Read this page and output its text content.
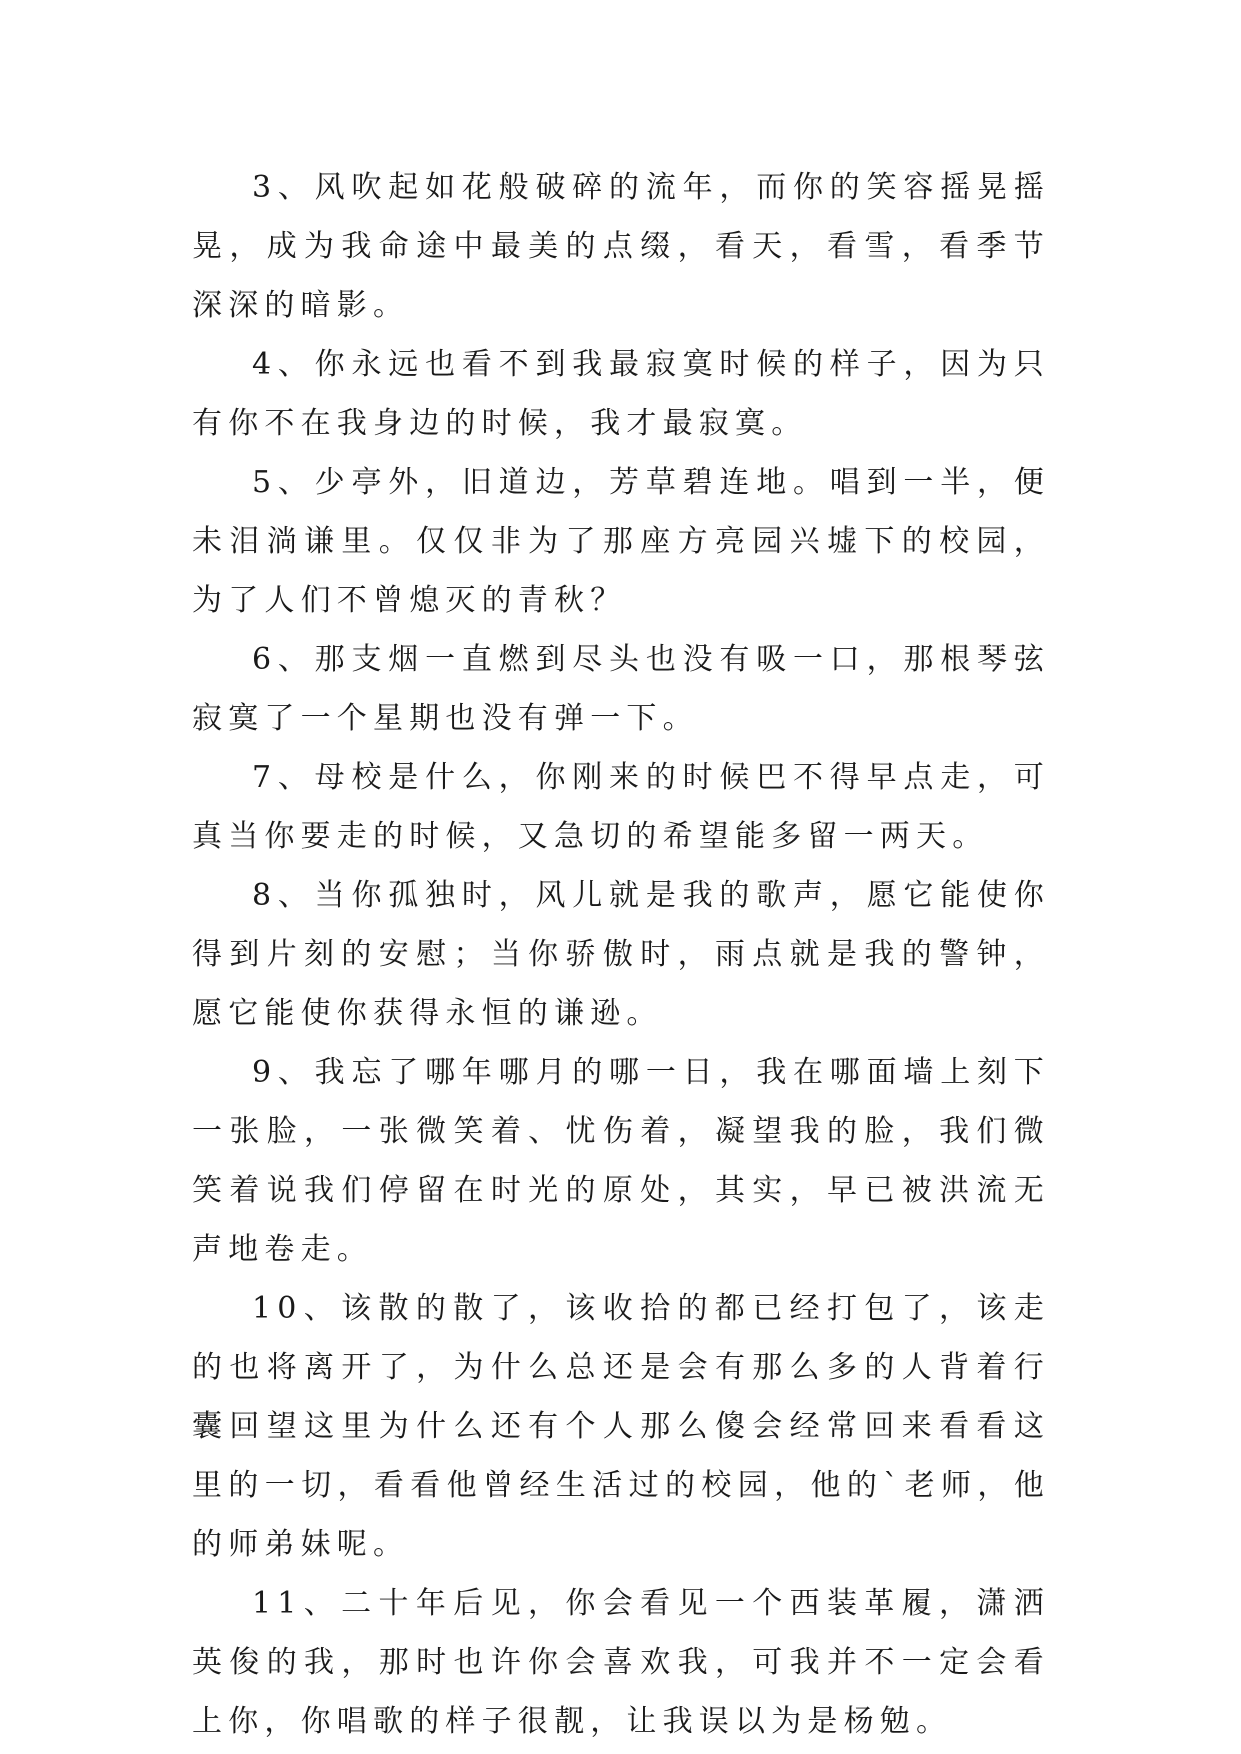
3、风吹起如花般破碎的流年，而你的笑容摇晃摇晃，成为我命途中最美的点缀，看天，看雪，看季节深深的暗影。

4、你永远也看不到我最寂寞时候的样子，因为只有你不在我身边的时候，我才最寂寞。

5、少亭外，旧道边，芳草碧连地。唱到一半，便未泪淌谦里。仅仅非为了那座方亮园兴墟下的校园，为了人们不曾熄灭的青秋？

6、那支烟一直燃到尽头也没有吸一口，那根琴弦寂寞了一个星期也没有弹一下。

7、母校是什么，你刚来的时候巴不得早点走，可真当你要走的时候，又急切的希望能多留一两天。

8、当你孤独时，风儿就是我的歌声，愿它能使你得到片刻的安慰；当你骄傲时，雨点就是我的警钟，愿它能使你获得永恒的谦逊。

9、我忘了哪年哪月的哪一日，我在哪面墙上刻下一张脸，一张微笑着、忧伤着，凝望我的脸，我们微笑着说我们停留在时光的原处，其实，早已被洪流无声地卷走。

10、该散的散了，该收拾的都已经打包了，该走的也将离开了，为什么总还是会有那么多的人背着行囊回望这里为什么还有个人那么傻会经常回来看看这里的一切，看看他曾经生活过的校园，他的`老师，他的师弟妹呢。

11、二十年后见，你会看见一个西装革履，潇洒英俊的我，那时也许你会喜欢我，可我并不一定会看上你，你唱歌的样子很靓，让我误以为是杨勉。
